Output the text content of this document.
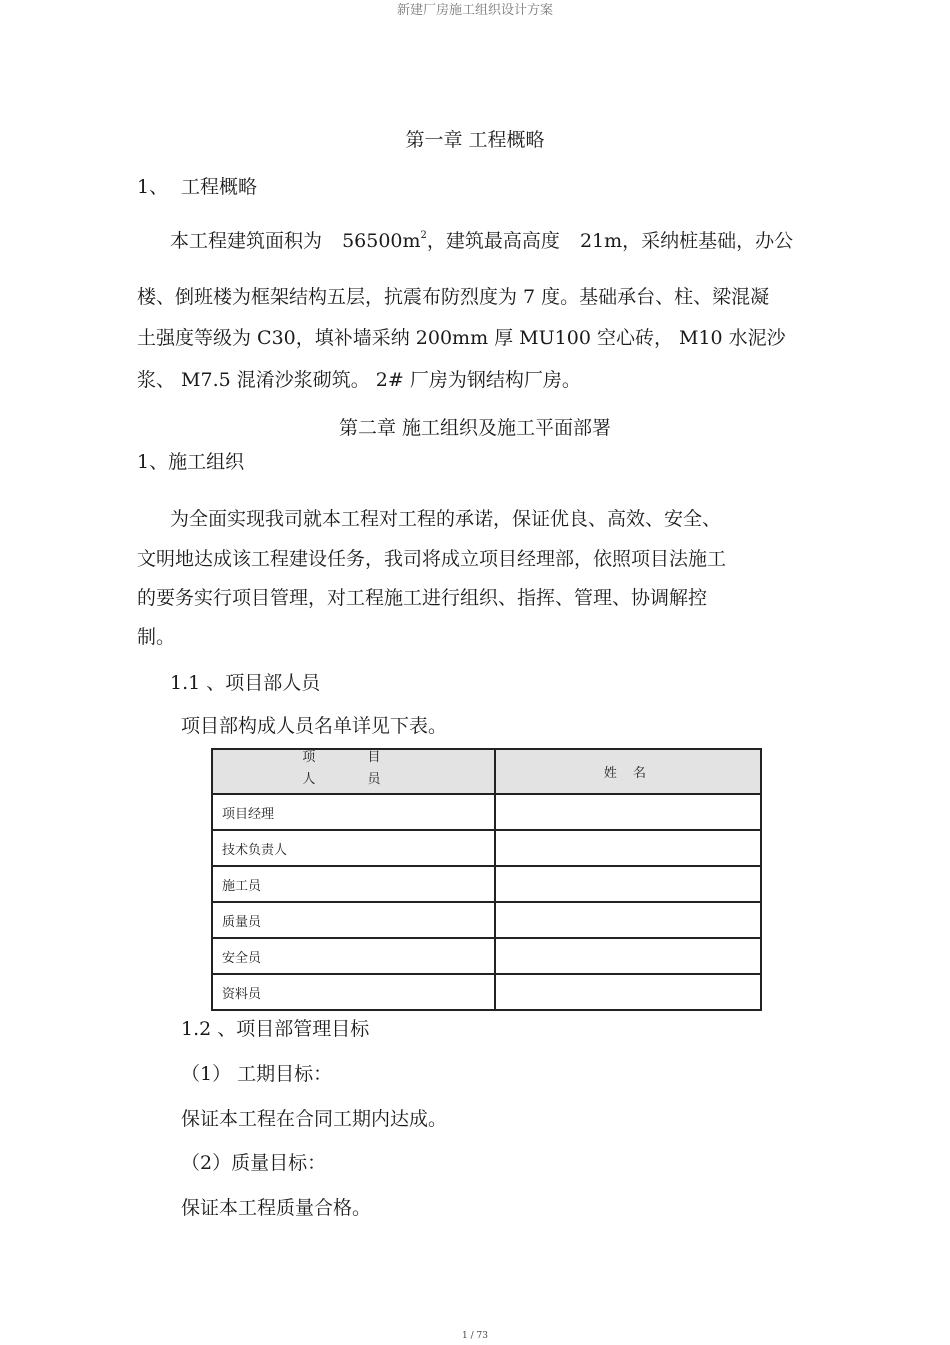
新建厂房施工组织设计方案
第一章 工程概略
1、 工程概略
本工程建筑面积为 $56500m^2$，建筑最高高度 21m，采纳桩基础，办公
楼、倒班楼为框架结构五层，抗震布防烈度为 7 度。基础承台、柱、梁混凝
土强度等级为 C30，填补墙采纳 200mm 厚 MU100 空心砖， M10 水泥沙
浆、 M7.5 混淆沙浆砌筑。 2# 厂房为钢结构厂房。
第二章 施工组织及施工平面部署
1、施工组织
为全面实现我司就本工程对工程的承诺，保证优良、高效、安全、
文明地达成该工程建设任务，我司将成立项目经理部，依照项目法施工
的要务实行项目管理，对工程施工进行组织、指挥、管理、协调解控
制。
1.1 、项目部人员
项目部构成人员名单详见下表。
项 目
人 员	姓 名
项目经理	
技术负责人	
施工员	
质量员	
安全员	
资料员	
1.2 、项目部管理目标
（1） 工期目标：
保证本工程在合同工期内达成。
（2）质量目标：
保证本工程质量合格。
1 / 73
